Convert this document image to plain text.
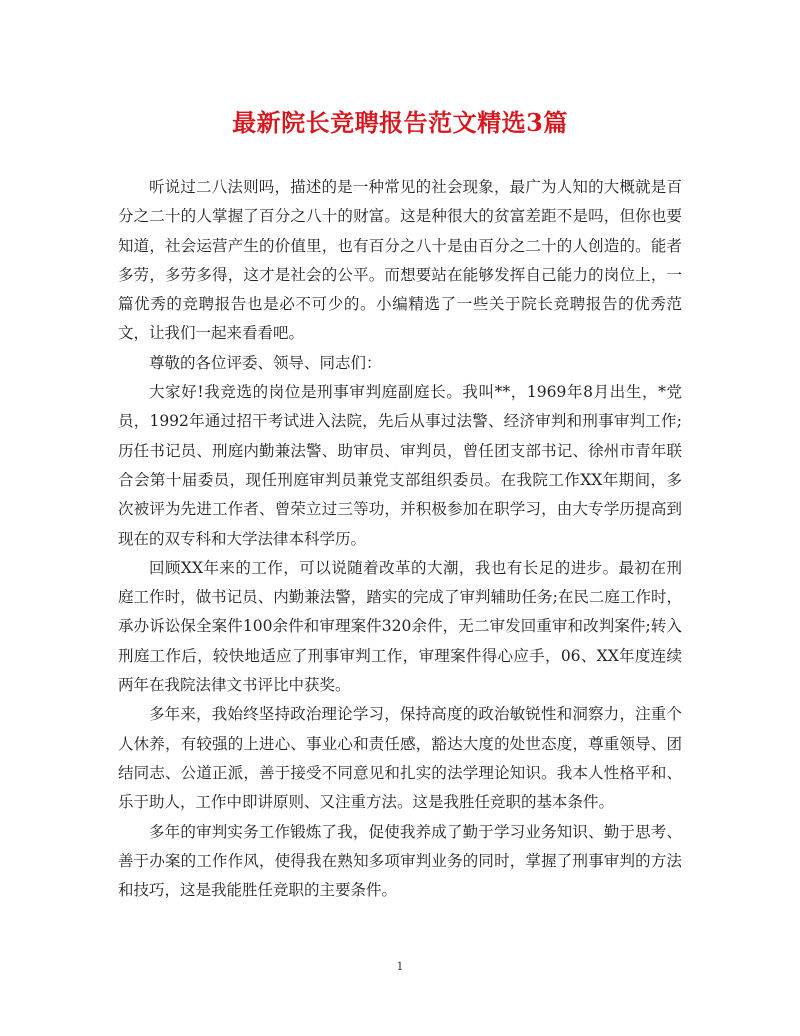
最新院长竞聘报告范文精选3篇

听说过二八法则吗，描述的是一种常见的社会现象，最广为人知的大概就是百分之二十的人掌握了百分之八十的财富。这是种很大的贫富差距不是吗，但你也要知道，社会运营产生的价值里，也有百分之八十是由百分之二十的人创造的。能者多劳，多劳多得，这才是社会的公平。而想要站在能够发挥自己能力的岗位上，一篇优秀的竞聘报告也是必不可少的。小编精选了一些关于院长竞聘报告的优秀范文，让我们一起来看看吧。

尊敬的各位评委、领导、同志们：

大家好!我竞选的岗位是刑事审判庭副庭长。我叫**，1969年8月出生，*党员，1992年通过招干考试进入法院，先后从事过法警、经济审判和刑事审判工作;历任书记员、刑庭内勤兼法警、助审员、审判员，曾任团支部书记、徐州市青年联合会第十届委员，现任刑庭审判员兼党支部组织委员。在我院工作XX年期间，多次被评为先进工作者、曾荣立过三等功，并积极参加在职学习，由大专学历提高到现在的双专科和大学法律本科学历。

回顾XX年来的工作，可以说随着改革的大潮，我也有长足的进步。最初在刑庭工作时，做书记员、内勤兼法警，踏实的完成了审判辅助任务;在民二庭工作时，承办诉讼保全案件100余件和审理案件320余件，无二审发回重审和改判案件;转入刑庭工作后，较快地适应了刑事审判工作，审理案件得心应手，06、XX年度连续两年在我院法律文书评比中获奖。

多年来，我始终坚持政治理论学习，保持高度的政治敏锐性和洞察力，注重个人休养，有较强的上进心、事业心和责任感，豁达大度的处世态度，尊重领导、团结同志、公道正派，善于接受不同意见和扎实的法学理论知识。我本人性格平和、乐于助人，工作中即讲原则、又注重方法。这是我胜任竞职的基本条件。

多年的审判实务工作锻炼了我，促使我养成了勤于学习业务知识、勤于思考、善于办案的工作作风，使得我在熟知多项审判业务的同时，掌握了刑事审判的方法和技巧，这是我能胜任竞职的主要条件。

1
